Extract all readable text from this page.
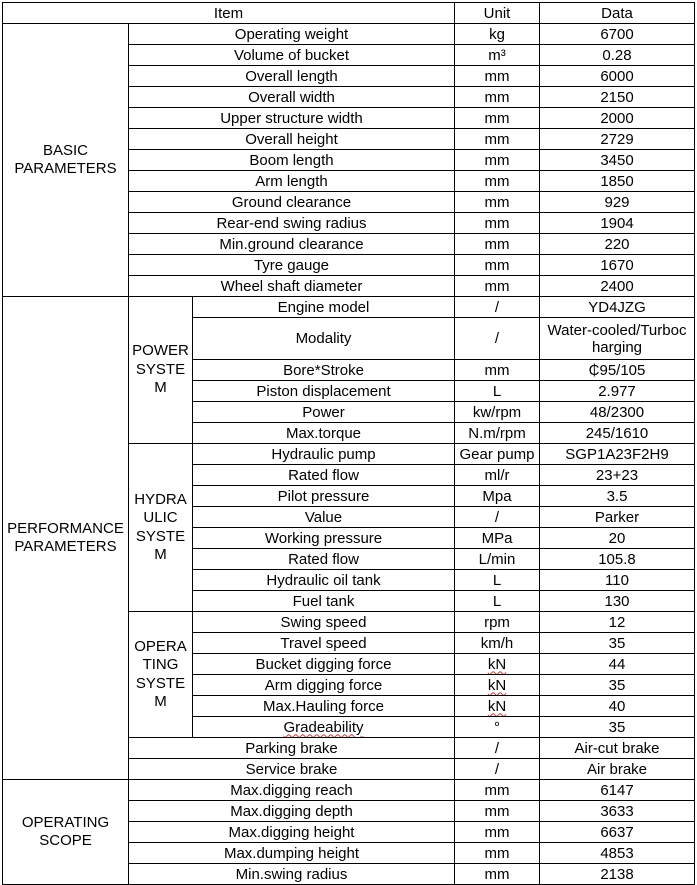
Item			Unit	Data
BASIC PARAMETERS	Operating weight		kg	6700
	Volume of bucket		m³	0.28
	Overall length		mm	6000
	Overall width		mm	2150
	Upper structure width		mm	2000
	Overall height		mm	2729
	Boom length		mm	3450
	Arm length		mm	1850
	Ground clearance		mm	929
	Rear-end swing radius		mm	1904
	Min.ground clearance		mm	220
	Tyre gauge		mm	1670
	Wheel shaft diameter		mm	2400
PERFORMANCE PARAMETERS	POWER SYSTE M	Engine model	/	YD4JZG
		Modality	/	Water-cooled/Turboc harging
		Bore*Stroke	mm	₵95/105
		Piston displacement	L	2.977
		Power	kw/rpm	48/2300
		Max.torque	N.m/rpm	245/1610
	HYDRA ULIC SYSTE M	Hydraulic pump	Gear pump	SGP1A23F2H9
		Rated flow	ml/r	23+23
		Pilot pressure	Mpa	3.5
		Value	/	Parker
		Working pressure	MPa	20
		Rated flow	L/min	105.8
		Hydraulic oil tank	L	110
		Fuel tank	L	130
	OPERA TING SYSTE M	Swing speed	rpm	12
		Travel speed	km/h	35
		Bucket digging force	kN	44
		Arm digging force	kN	35
		Max.Hauling force	kN	40
		Gradeability	°	35
	Parking brake		/	Air-cut brake
	Service brake		/	Air brake
OPERATING SCOPE	Max.digging reach		mm	6147
	Max.digging depth		mm	3633
	Max.digging height		mm	6637
	Max.dumping height		mm	4853
	Min.swing radius		mm	2138
